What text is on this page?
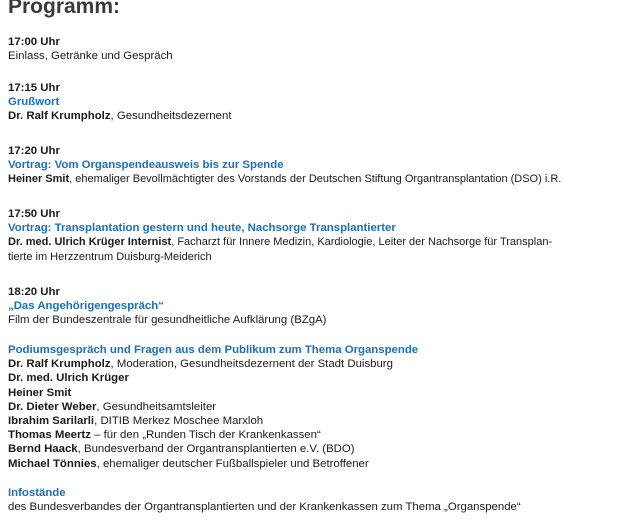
Programm:
17:00 Uhr
Einlass, Getränke und Gespräch
17:15 Uhr
Grußwort
Dr. Ralf Krumpholz, Gesundheitsdezernent
17:20 Uhr
Vortrag: Vom Organspendeausweis bis zur Spende
Heiner Smit, ehemaliger Bevollmächtigter des Vorstands der Deutschen Stiftung Organtransplantation (DSO) i.R.
17:50 Uhr
Vortrag: Transplantation gestern und heute, Nachsorge Transplantierter
Dr. med. Ulrich Krüger Internist, Facharzt für Innere Medizin, Kardiologie, Leiter der Nachsorge für Transplan-
tierte im Herzzentrum Duisburg-Meiderich
18:20 Uhr
„Das Angehörigengespräch“
Film der Bundeszentrale für gesundheitliche Aufklärung (BZgA)
Podiumsgespräch und Fragen aus dem Publikum zum Thema Organspende
Dr. Ralf Krumpholz, Moderation, Gesundheitsdezernent der Stadt Duisburg
Dr. med. Ulrich Krüger
Heiner Smit
Dr. Dieter Weber, Gesundheitsamtsleiter
Ibrahim Sarilarli, DITIB Merkez Moschee Marxloh
Thomas Meertz – für den „Runden Tisch der Krankenkassen“
Bernd Haack, Bundesverband der Organtransplantierten e.V. (BDO)
Michael Tönnies, ehemaliger deutscher Fußballspieler und Betroffener
Infostände
des Bundesverbandes der Organtransplantierten und der Krankenkassen zum Thema „Organspende“
